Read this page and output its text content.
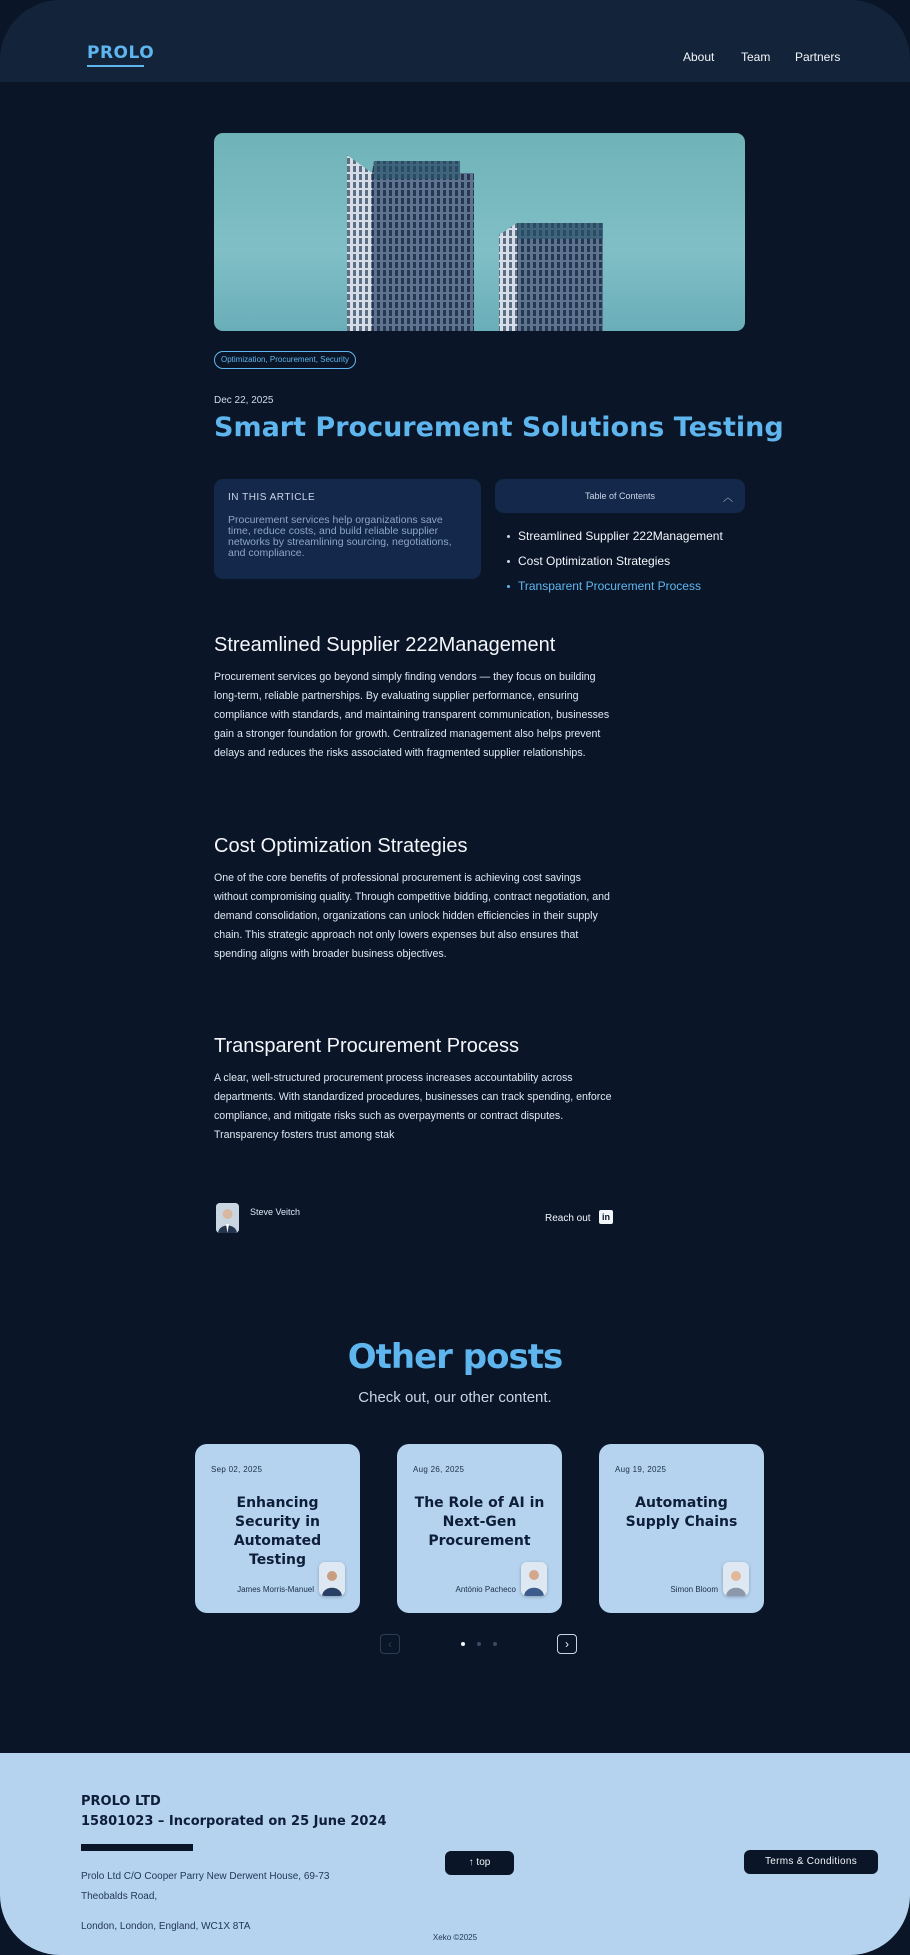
PROLO	About Team Partners
Optimization, Procurement, Security
Dec 22, 2025
Smart Procurement Solutions Testing
IN THIS ARTICLE
Procurement services help organizations save time, reduce costs, and build reliable supplier networks by streamlining sourcing, negotiations, and compliance.
Table of Contents	︿
Streamlined Supplier 222Management
Cost Optimization Strategies
Transparent Procurement Process
Streamlined Supplier 222Management
Procurement services go beyond simply finding vendors — they focus on building long-term, reliable partnerships. By evaluating supplier performance, ensuring compliance with standards, and maintaining transparent communication, businesses gain a stronger foundation for growth. Centralized management also helps prevent delays and reduces the risks associated with fragmented supplier relationships.
Cost Optimization Strategies
One of the core benefits of professional procurement is achieving cost savings without compromising quality. Through competitive bidding, contract negotiation, and demand consolidation, organizations can unlock hidden efficiencies in their supply chain. This strategic approach not only lowers expenses but also ensures that spending aligns with broader business objectives.
Transparent Procurement Process
A clear, well-structured procurement process increases accountability across departments. With standardized procedures, businesses can track spending, enforce compliance, and mitigate risks such as overpayments or contract disputes. Transparency fosters trust among stak
Steve Veitch
Reach out	in
Other posts
Check out, our other content.
Sep 02, 2025
Enhancing Security in Automated Testing
James Morris-Manuel
Aug 26, 2025
The Role of AI in Next-Gen Procurement
António Pacheco
Aug 19, 2025
Automating Supply Chains
Simon Bloom
‹	›
PROLO LTD
15801023 – Incorporated on 25 June 2024
Prolo Ltd C/O Cooper Parry New Derwent House, 69-73
Theobalds Road,
London, London, England, WC1X 8TA
↑ top	Terms & Conditions
Xeko ©2025
